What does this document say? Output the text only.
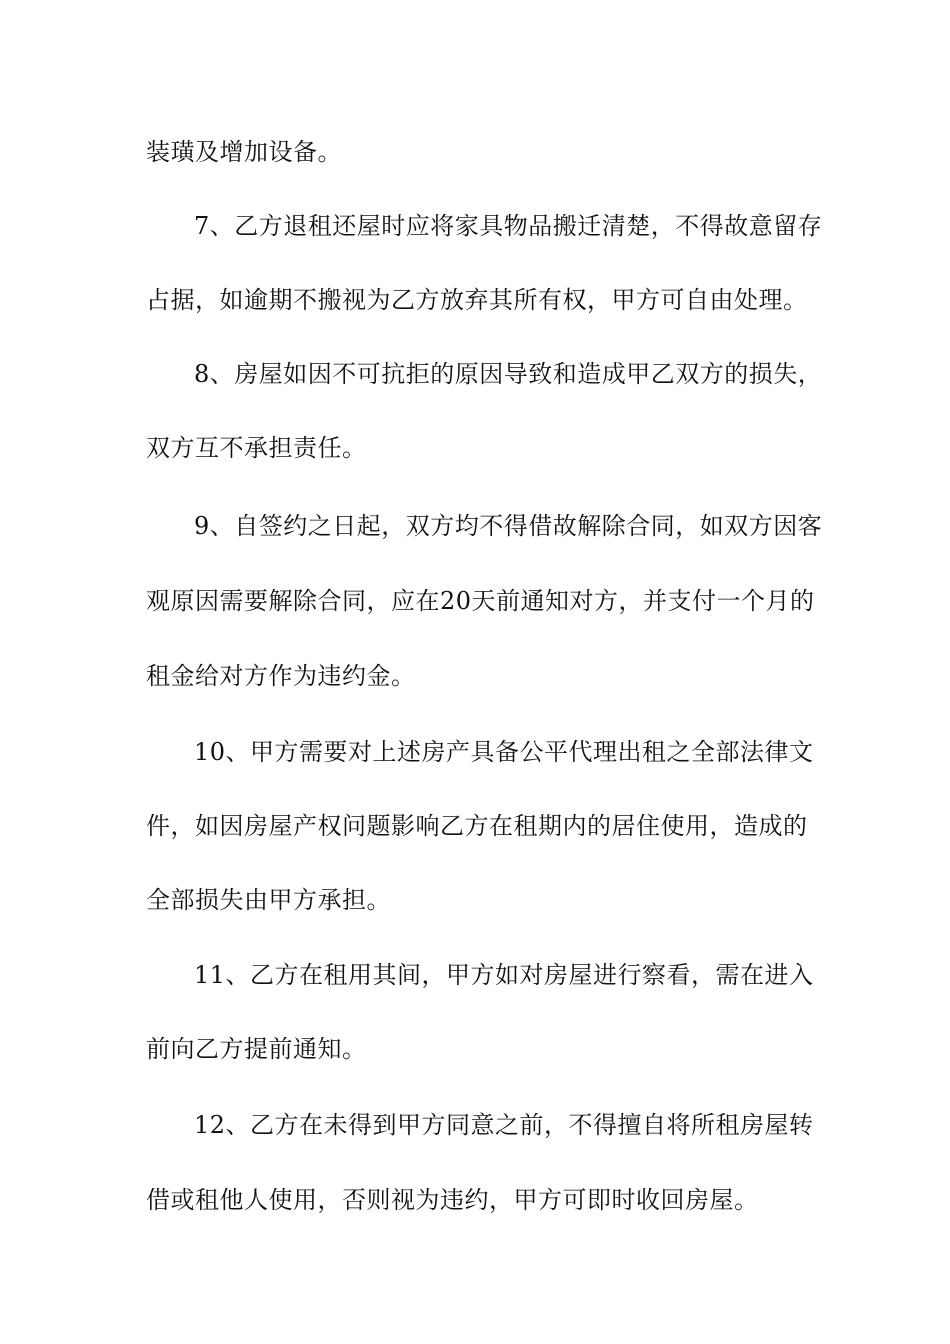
装璜及增加设备。
7、乙方退租还屋时应将家具物品搬迁清楚，不得故意留存
占据，如逾期不搬视为乙方放弃其所有权，甲方可自由处理。
8、房屋如因不可抗拒的原因导致和造成甲乙双方的损失，
双方互不承担责任。
9、自签约之日起，双方均不得借故解除合同，如双方因客
观原因需要解除合同，应在20天前通知对方，并支付一个月的
租金给对方作为违约金。
10、甲方需要对上述房产具备公平代理出租之全部法律文
件，如因房屋产权问题影响乙方在租期内的居住使用，造成的
全部损失由甲方承担。
11、乙方在租用其间，甲方如对房屋进行察看，需在进入
前向乙方提前通知。
12、乙方在未得到甲方同意之前，不得擅自将所租房屋转
借或租他人使用，否则视为违约，甲方可即时收回房屋。
